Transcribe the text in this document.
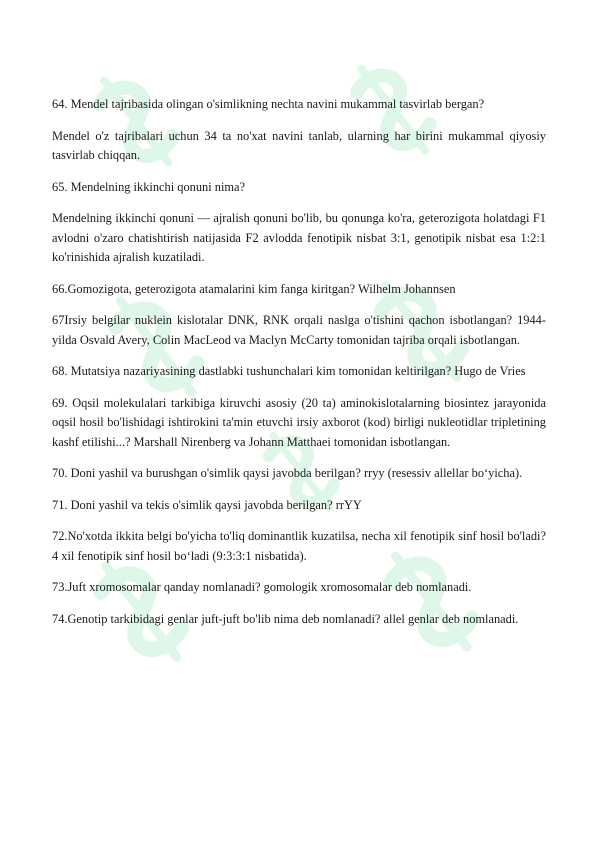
64. Mendel tajribasida olingan o'simlikning nechta navini mukammal tasvirlab bergan?

Mendel o'z tajribalari uchun 34 ta no'xat navini tanlab, ularning har birini mukammal qiyosiy tasvirlab chiqqan.

65. Mendelning ikkinchi qonuni nima?

Mendelning ikkinchi qonuni — ajralish qonuni bo'lib, bu qonunga ko'ra, geterozigota holatdagi F1 avlodni o'zaro chatishtirish natijasida F2 avlodda fenotipik nisbat 3:1, genotipik nisbat esa 1:2:1 ko'rinishida ajralish kuzatiladi.

66.Gomozigota, geterozigota atamalarini kim fanga kiritgan? Wilhelm Johannsen

67Irsiy belgilar nuklein kislotalar DNK, RNK orqali naslga o'tishini qachon isbotlangan? 1944-yilda Osvald Avery, Colin MacLeod va Maclyn McCarty tomonidan tajriba orqali isbotlangan.

68. Mutatsiya nazariyasining dastlabki tushunchalari kim tomonidan keltirilgan? Hugo de Vries

69. Oqsil molekulalari tarkibiga kiruvchi asosiy (20 ta) aminokislotalarning biosintez jarayonida oqsil hosil bo'lishidagi ishtirokini ta'min etuvchi irsiy axborot (kod) birligi nukleotidlar tripletining kashf etilishi...? Marshall Nirenberg va Johann Matthaei tomonidan isbotlangan.

70. Doni yashil va burushgan o'simlik qaysi javobda berilgan? rryy (resessiv allellar bo‘yicha).

71. Doni yashil va tekis o'simlik qaysi javobda berilgan? rrYY

72.No'xotda ikkita belgi bo'yicha to'liq dominantlik kuzatilsa, necha xil fenotipik sinf hosil bo'ladi? 4 xil fenotipik sinf hosil bo‘ladi (9:3:3:1 nisbatida).

73.Juft xromosomalar qanday nomlanadi? gomologik xromosomalar deb nomlanadi.

74.Genotip tarkibidagi genlar juft-juft bo'lib nima deb nomlanadi? allel genlar deb nomlanadi.
